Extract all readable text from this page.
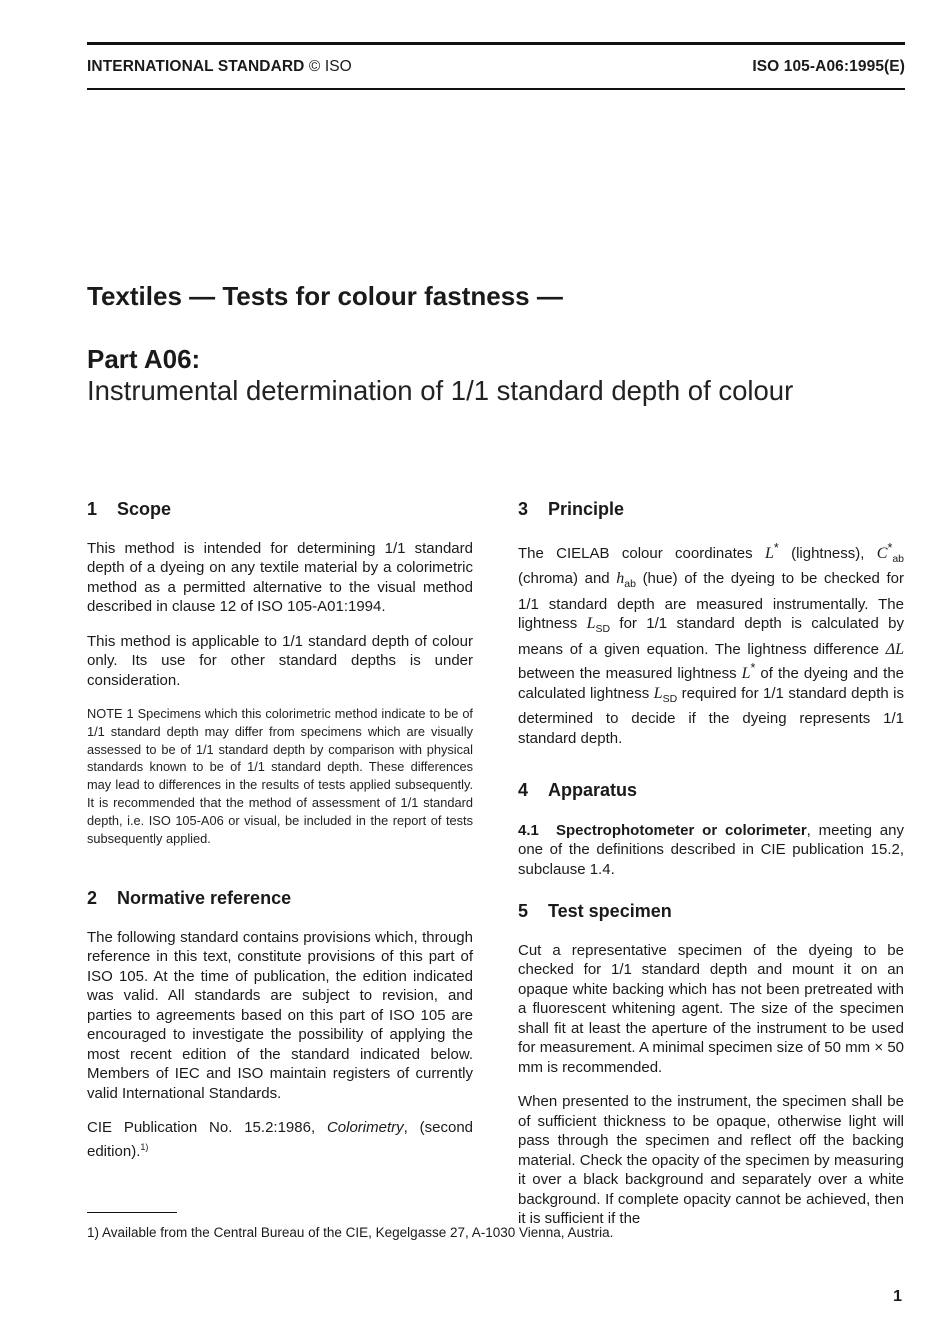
INTERNATIONAL STANDARD © ISO	ISO 105-A06:1995(E)
Textiles — Tests for colour fastness —
Part A06:
Instrumental determination of 1/1 standard depth of colour
1 Scope

This method is intended for determining 1/1 standard depth of a dyeing on any textile material by a colorimetric method as a permitted alternative to the visual method described in clause 12 of ISO 105-A01:1994.

This method is applicable to 1/1 standard depth of colour only. Its use for other standard depths is under consideration.

NOTE 1 Specimens which this colorimetric method indicate to be of 1/1 standard depth may differ from specimens which are visually assessed to be of 1/1 standard depth by comparison with physical standards known to be of 1/1 standard depth. These differences may lead to differences in the results of tests applied subsequently. It is recommended that the method of assessment of 1/1 standard depth, i.e. ISO 105-A06 or visual, be included in the report of tests subsequently applied.

2 Normative reference

The following standard contains provisions which, through reference in this text, constitute provisions of this part of ISO 105. At the time of publication, the edition indicated was valid. All standards are subject to revision, and parties to agreements based on this part of ISO 105 are encouraged to investigate the possibility of applying the most recent edition of the standard indicated below. Members of IEC and ISO maintain registers of currently valid International Standards.

CIE Publication No. 15.2:1986, Colorimetry, (second edition).$^{1)}$

3 Principle

The CIELAB colour coordinates L* (lightness), $C^*_{ab}$ (chroma) and $h_{ab}$ (hue) of the dyeing to be checked for 1/1 standard depth are measured instrumentally. The lightness $L_{SD}$ for 1/1 standard depth is calculated by means of a given equation. The lightness difference ΔL between the measured lightness L* of the dyeing and the calculated lightness $L_{SD}$ required for 1/1 standard depth is determined to decide if the dyeing represents 1/1 standard depth.

4 Apparatus

4.1 Spectrophotometer or colorimeter, meeting any one of the definitions described in CIE publication 15.2, subclause 1.4.

5 Test specimen

Cut a representative specimen of the dyeing to be checked for 1/1 standard depth and mount it on an opaque white backing which has not been pretreated with a fluorescent whitening agent. The size of the specimen shall fit at least the aperture of the instrument to be used for measurement. A minimal specimen size of 50 mm × 50 mm is recommended.

When presented to the instrument, the specimen shall be of sufficient thickness to be opaque, otherwise light will pass through the specimen and reflect off the backing material. Check the opacity of the specimen by measuring it over a black background and separately over a white background. If complete opacity cannot be achieved, then it is sufficient if the

1) Available from the Central Bureau of the CIE, Kegelgasse 27, A-1030 Vienna, Austria.
1
